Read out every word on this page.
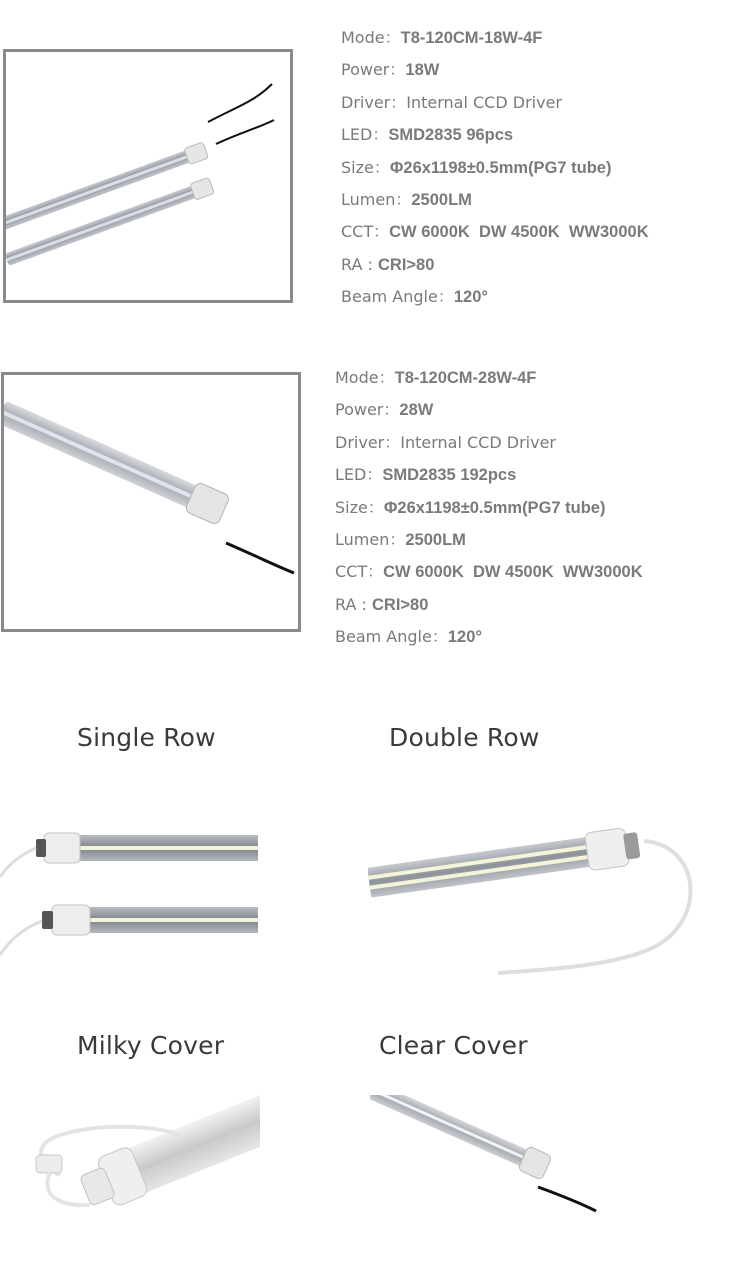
Mode：T8-120CM-18W-4F
Power：18W
Driver：Internal CCD Driver
LED：SMD2835 96pcs
Size：Φ26x1198±0.5mm(PG7 tube)
Lumen：2500LM
CCT：CW 6000K  DW 4500K  WW3000K
RA : CRI>80
Beam Angle：120°
Mode：T8-120CM-28W-4F
Power：28W
Driver：Internal CCD Driver
LED：SMD2835 192pcs
Size：Φ26x1198±0.5mm(PG7 tube)
Lumen：2500LM
CCT：CW 6000K  DW 4500K  WW3000K
RA : CRI>80
Beam Angle：120°
Single Row	Double Row
Milky Cover	Clear Cover
